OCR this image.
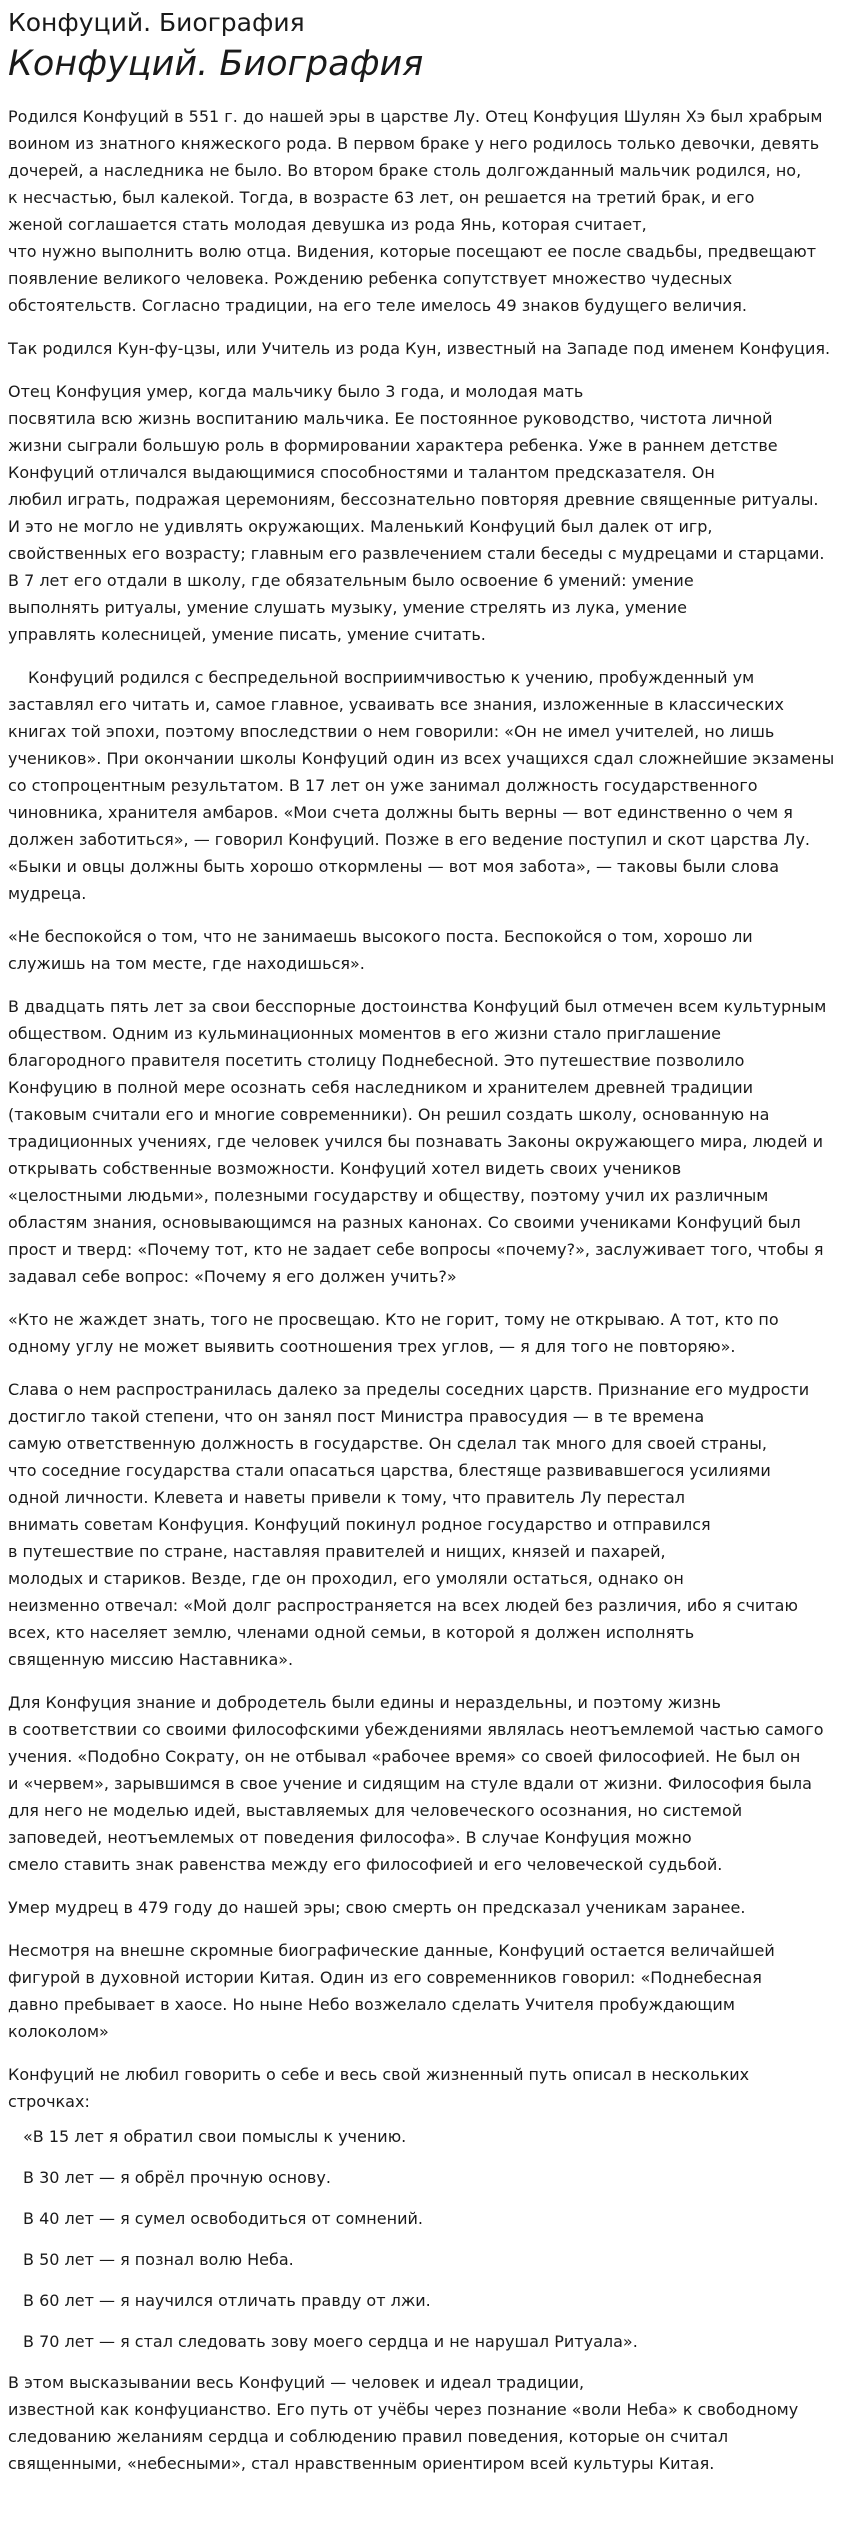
Конфуций. Биография
Конфуций. Биография

Родился Конфуций в 551 г. до нашей эры в царстве Лу. Отец Конфуция Шулян Хэ был храбрым
воином из знатного княжеского рода. В первом браке у него родилось только девочки, девять
дочерей, а наследника не было. Во втором браке столь долгожданный мальчик родился, но,
к несчастью, был калекой. Тогда, в возрасте 63 лет, он решается на третий брак, и его
женой соглашается стать молодая девушка из рода Янь, которая считает,
что нужно выполнить волю отца. Видения, которые посещают ее после свадьбы, предвещают
появление великого человека. Рождению ребенка сопутствует множество чудесных
обстоятельств. Согласно традиции, на его теле имелось 49 знаков будущего величия.

Так родился Кун-фу-цзы, или Учитель из рода Кун, известный на Западе под именем Конфуция.

Отец Конфуция умер, когда мальчику было 3 года, и молодая мать
посвятила всю жизнь воспитанию мальчика. Ее постоянное руководство, чистота личной
жизни сыграли большую роль в формировании характера ребенка. Уже в раннем детстве
Конфуций отличался выдающимися способностями и талантом предсказателя. Он
любил играть, подражая церемониям, бессознательно повторяя древние священные ритуалы.
И это не могло не удивлять окружающих. Маленький Конфуций был далек от игр,
свойственных его возрасту; главным его развлечением стали беседы с мудрецами и старцами.
В 7 лет его отдали в школу, где обязательным было освоение 6 умений: умение
выполнять ритуалы, умение слушать музыку, умение стрелять из лука, умение
управлять колесницей, умение писать, умение считать.

Конфуций родился с беспредельной восприимчивостью к учению, пробужденный ум
заставлял его читать и, самое главное, усваивать все знания, изложенные в классических
книгах той эпохи, поэтому впоследствии о нем говорили: «Он не имел учителей, но лишь
учеников». При окончании школы Конфуций один из всех учащихся сдал сложнейшие экзамены
со стопроцентным результатом. В 17 лет он уже занимал должность государственного
чиновника, хранителя амбаров. «Мои счета должны быть верны — вот единственно о чем я
должен заботиться», — говорил Конфуций. Позже в его ведение поступил и скот царства Лу.
«Быки и овцы должны быть хорошо откормлены — вот моя забота», — таковы были слова
мудреца.

«Не беспокойся о том, что не занимаешь высокого поста. Беспокойся о том, хорошо ли
служишь на том месте, где находишься».

В двадцать пять лет за свои бесспорные достоинства Конфуций был отмечен всем культурным
обществом. Одним из кульминационных моментов в его жизни стало приглашение
благородного правителя посетить столицу Поднебесной. Это путешествие позволило
Конфуцию в полной мере осознать себя наследником и хранителем древней традиции
(таковым считали его и многие современники). Он решил создать школу, основанную на
традиционных учениях, где человек учился бы познавать Законы окружающего мира, людей и
открывать собственные возможности. Конфуций хотел видеть своих учеников
«целостными людьми», полезными государству и обществу, поэтому учил их различным
областям знания, основывающимся на разных канонах. Со своими учениками Конфуций был
прост и тверд: «Почему тот, кто не задает себе вопросы «почему?», заслуживает того, чтобы я
задавал себе вопрос: «Почему я его должен учить?»

«Кто не жаждет знать, того не просвещаю. Кто не горит, тому не открываю. А тот, кто по
одному углу не может выявить соотношения трех углов, — я для того не повторяю».

Слава о нем распространилась далеко за пределы соседних царств. Признание его мудрости
достигло такой степени, что он занял пост Министра правосудия — в те времена
самую ответственную должность в государстве. Он сделал так много для своей страны,
что соседние государства стали опасаться царства, блестяще развивавшегося усилиями
одной личности. Клевета и наветы привели к тому, что правитель Лу перестал
внимать советам Конфуция. Конфуций покинул родное государство и отправился
в путешествие по стране, наставляя правителей и нищих, князей и пахарей,
молодых и стариков. Везде, где он проходил, его умоляли остаться, однако он
неизменно отвечал: «Мой долг распространяется на всех людей без различия, ибо я считаю
всех, кто населяет землю, членами одной семьи, в которой я должен исполнять
священную миссию Наставника».

Для Конфуция знание и добродетель были едины и нераздельны, и поэтому жизнь
в соответствии со своими философскими убеждениями являлась неотъемлемой частью самого
учения. «Подобно Сократу, он не отбывал «рабочее время» со своей философией. Не был он
и «червем», зарывшимся в свое учение и сидящим на стуле вдали от жизни. Философия была
для него не моделью идей, выставляемых для человеческого осознания, но системой
заповедей, неотъемлемых от поведения философа». В случае Конфуция можно
смело ставить знак равенства между его философией и его человеческой судьбой.

Умер мудрец в 479 году до нашей эры; свою смерть он предсказал ученикам заранее.

Несмотря на внешне скромные биографические данные, Конфуций остается величайшей
фигурой в духовной истории Китая. Один из его современников говорил: «Поднебесная
давно пребывает в хаосе. Но ныне Небо возжелало сделать Учителя пробуждающим
колоколом»

Конфуций не любил говорить о себе и весь свой жизненный путь описал в нескольких
строчках:

«В 15 лет я обратил свои помыслы к учению.

В 30 лет — я обрёл прочную основу.

В 40 лет — я сумел освободиться от сомнений.

В 50 лет — я познал волю Неба.

В 60 лет — я научился отличать правду от лжи.

В 70 лет — я стал следовать зову моего сердца и не нарушал Ритуала».

В этом высказывании весь Конфуций — человек и идеал традиции,
известной как конфуцианство. Его путь от учёбы через познание «воли Неба» к свободному
следованию желаниям сердца и соблюдению правил поведения, которые он считал
священными, «небесными», стал нравственным ориентиром всей культуры Китая.
